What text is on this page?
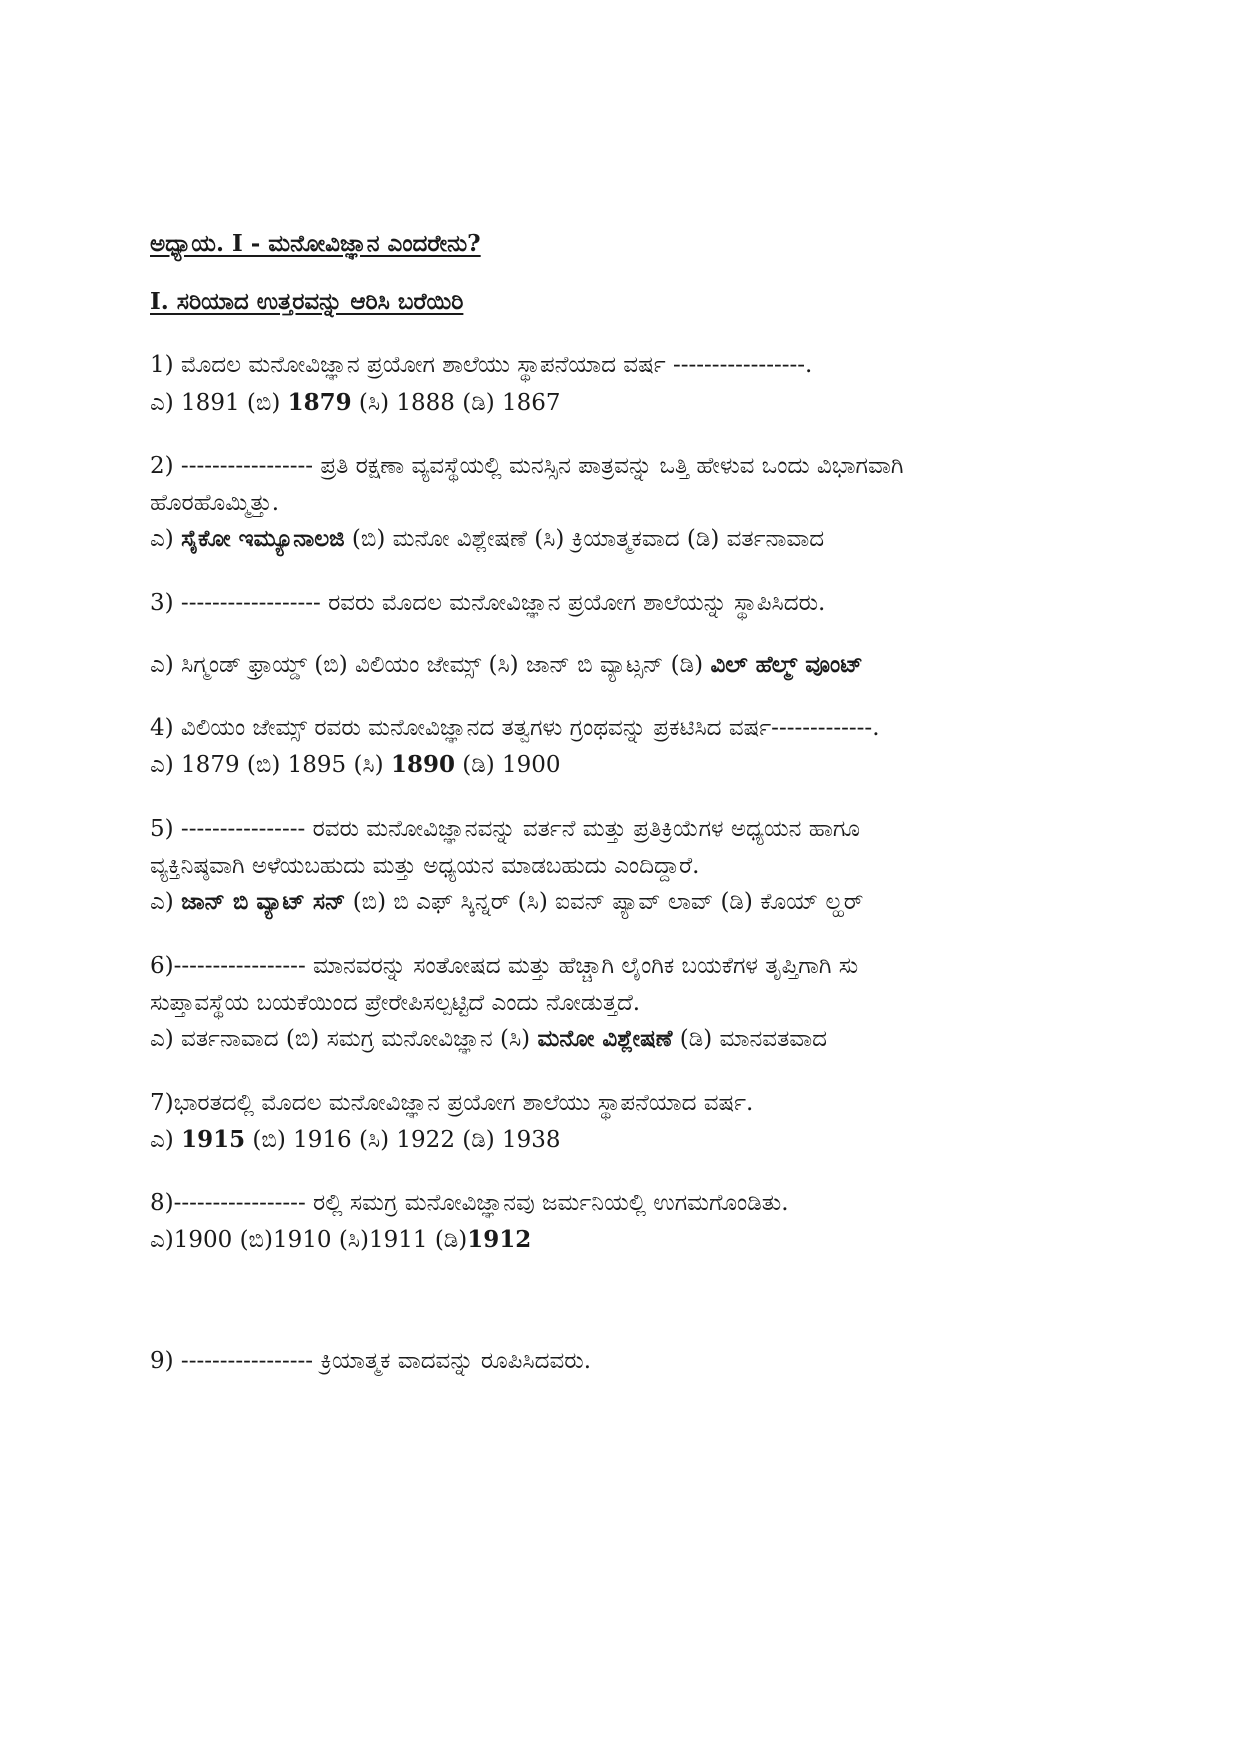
ಅಧ್ಯಾಯ. I - ಮನೋವಿಜ್ಞಾನ ಎಂದರೇನು?
I. ಸರಿಯಾದ ಉತ್ತರವನ್ನು ಆರಿಸಿ ಬರೆಯಿರಿ
1) ಮೊದಲ ಮನೋವಿಜ್ಞಾನ ಪ್ರಯೋಗ ಶಾಲೆಯು ಸ್ಥಾಪನೆಯಾದ ವರ್ಷ -----------------.
ಎ) 1891 (ಬಿ) 1879 (ಸಿ) 1888 (ಡಿ) 1867
2) ----------------- ಪ್ರತಿ ರಕ್ಷಣಾ ವ್ಯವಸ್ಥೆಯಲ್ಲಿ ಮನಸ್ಸಿನ ಪಾತ್ರವನ್ನು ಒತ್ತಿ ಹೇಳುವ ಒಂದು ವಿಭಾಗವಾಗಿ
ಹೊರಹೊಮ್ಮಿತ್ತು.
ಎ) ಸೈಕೋ ಇಮ್ಯೂನಾಲಜಿ (ಬಿ) ಮನೋ ವಿಶ್ಲೇಷಣೆ (ಸಿ) ಕ್ರಿಯಾತ್ಮಕವಾದ (ಡಿ) ವರ್ತನಾವಾದ
3) ------------------ ರವರು ಮೊದಲ ಮನೋವಿಜ್ಞಾನ ಪ್ರಯೋಗ ಶಾಲೆಯನ್ನು ಸ್ಥಾಪಿಸಿದರು.
ಎ) ಸಿಗ್ಮಂಡ್ ಫ್ರಾಯ್ಡ್ (ಬಿ) ವಿಲಿಯಂ ಜೇಮ್ಸ್ (ಸಿ) ಜಾನ್ ಬಿ ವ್ಯಾಟ್ಸನ್ (ಡಿ) ವಿಲ್ ಹೆಲ್ಮ್ ವೂಂಟ್
4) ವಿಲಿಯಂ ಜೇಮ್ಸ್ ರವರು ಮನೋವಿಜ್ಞಾನದ ತತ್ವಗಳು ಗ್ರಂಥವನ್ನು ಪ್ರಕಟಿಸಿದ ವರ್ಷ-------------.
ಎ) 1879 (ಬಿ) 1895 (ಸಿ) 1890 (ಡಿ) 1900
5) ---------------- ರವರು ಮನೋವಿಜ್ಞಾನವನ್ನು ವರ್ತನೆ ಮತ್ತು ಪ್ರತಿಕ್ರಿಯೆಗಳ ಅಧ್ಯಯನ ಹಾಗೂ
ವ್ಯಕ್ತಿನಿಷ್ಠವಾಗಿ ಅಳೆಯಬಹುದು ಮತ್ತು ಅಧ್ಯಯನ ಮಾಡಬಹುದು ಎಂದಿದ್ದಾರೆ.
ಎ) ಜಾನ್ ಬಿ ವ್ಯಾಟ್ ಸನ್ (ಬಿ) ಬಿ ಎಫ್ ಸ್ಕಿನ್ನರ್ (ಸಿ) ಐವನ್ ಪ್ಯಾವ್ ಲಾವ್ (ಡಿ) ಕೊಯ್ ಲ್ಹರ್
6)----------------- ಮಾನವರನ್ನು ಸಂತೋಷದ ಮತ್ತು ಹೆಚ್ಚಾಗಿ ಲೈಂಗಿಕ ಬಯಕೆಗಳ ತೃಪ್ತಿಗಾಗಿ ಸು
ಸುಪ್ತಾವಸ್ಥೆಯ ಬಯಕೆಯಿಂದ ಪ್ರೇರೇಪಿಸಲ್ಪಟ್ಟಿದೆ ಎಂದು ನೋಡುತ್ತದೆ.
ಎ) ವರ್ತನಾವಾದ (ಬಿ) ಸಮಗ್ರ ಮನೋವಿಜ್ಞಾನ (ಸಿ) ಮನೋ ವಿಶ್ಲೇಷಣೆ (ಡಿ) ಮಾನವತವಾದ
7)ಭಾರತದಲ್ಲಿ ಮೊದಲ ಮನೋವಿಜ್ಞಾನ ಪ್ರಯೋಗ ಶಾಲೆಯು ಸ್ಥಾಪನೆಯಾದ ವರ್ಷ.
ಎ) 1915 (ಬಿ) 1916 (ಸಿ) 1922 (ಡಿ) 1938
8)----------------- ರಲ್ಲಿ ಸಮಗ್ರ ಮನೋವಿಜ್ಞಾನವು ಜರ್ಮನಿಯಲ್ಲಿ ಉಗಮಗೊಂಡಿತು.
ಎ)1900 (ಬಿ)1910 (ಸಿ)1911 (ಡಿ)1912
9) ----------------- ಕ್ರಿಯಾತ್ಮಕ ವಾದವನ್ನು ರೂಪಿಸಿದವರು.
